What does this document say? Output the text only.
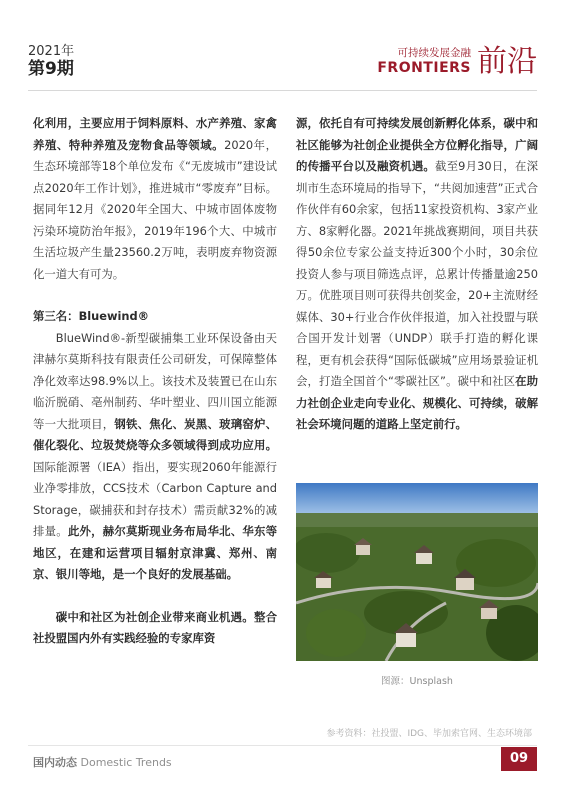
2021年
第9期
可持续发展金融
FRONTIERS 前沿

化利用，主要应用于饲料原料、水产养殖、家禽养殖、特种养殖及宠物食品等领域。2020年，生态环境部等18个单位发布《“无废城市”建设试点2020年工作计划》，推进城市“零废弃”目标。据同年12月《2020年全国大、中城市固体废物污染环境防治年报》，2019年196个大、中城市生活垃圾产生量23560.2万吨，表明废弃物资源化一道大有可为。

第三名：Bluewind®

BlueWind®-新型碳捕集工业环保设备由天津赫尔莫斯科技有限责任公司研发，可保障整体净化效率达98.9%以上。该技术及装置已在山东临沂脱硝、亳州制药、华叶塑业、四川国立能源等一大批项目，钢铁、焦化、炭黑、玻璃窑炉、催化裂化、垃圾焚烧等众多领域得到成功应用。国际能源署（IEA）指出，要实现2060年能源行业净零排放，CCS技术（Carbon Capture and Storage，碳捕获和封存技术）需贡献32%的减排量。此外，赫尔莫斯现业务布局华北、华东等地区，在建和运营项目辐射京津冀、郑州、南京、银川等地，是一个良好的发展基础。

碳中和社区为社创企业带来商业机遇。整合社投盟国内外有实践经验的专家库资

源，依托自有可持续发展创新孵化体系，碳中和社区能够为社创企业提供全方位孵化指导，广阔的传播平台以及融资机遇。截至9月30日，在深圳市生态环境局的指导下，“共阅加速营”正式合作伙伴有60余家，包括11家投资机构、3家产业方、8家孵化器。2021年挑战赛期间，项目共获得50余位专家公益支持近300个小时，30余位投资人参与项目筛选点评，总累计传播量逾250万。优胜项目则可获得共创奖金，20+主流财经媒体、30+行业合作伙伴报道，加入社投盟与联合国开发计划署（UNDP）联手打造的孵化课程，更有机会获得“国际低碳城”应用场景验证机会，打造全国首个“零碳社区”。碳中和社区在助力社创企业走向专业化、规模化、可持续，破解社会环境问题的道路上坚定前行。

图源：Unsplash
参考资料：社投盟、IDG、毕加索官网、生态环境部
国内动态 Domestic Trends	09
